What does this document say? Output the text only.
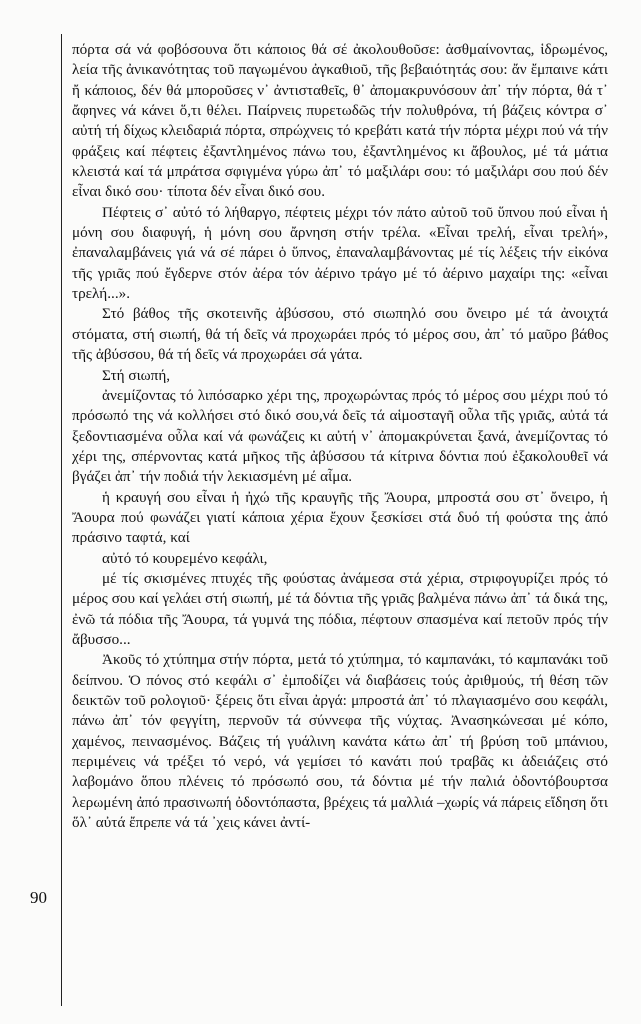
90

πόρτα σά νά φοβόσουνα ὅτι κάποιος θά σέ ἀκολουθοῦσε: ἀσθμαίνοντας, ἱδρωμένος, λεία τῆς ἀνικανότητας τοῦ παγωμένου ἀγκαθιοῦ, τῆς βεβαιότητάς σου: ἄν ἔμπαινε κάτι ἤ κάποιος, δέν θά μποροῦσες ν᾽ ἀντισταθεῖς, θ᾽ ἀπομακρυνόσουν ἀπ᾽ τήν πόρτα, θά τ᾽ ἄφηνες νά κάνει ὅ,τι θέλει. Παίρνεις πυρετωδῶς τήν πολυθρόνα, τή βάζεις κόντρα σ᾽ αὐτή τή δίχως κλειδαριά πόρτα, σπρώχνεις τό κρεβάτι κατά τήν πόρτα μέχρι πού νά τήν φράξεις καί πέφτεις ἐξαντλημένος πάνω του, ἐξαντλημένος κι ἄβουλος, μέ τά μάτια κλειστά καί τά μπράτσα σφιγμένα γύρω ἀπ᾽ τό μαξιλάρι σου: τό μαξιλάρι σου πού δέν εἶναι δικό σου· τίποτα δέν εἶναι δικό σου.

Πέφτεις σ᾽ αὐτό τό λήθαργο, πέφτεις μέχρι τόν πάτο αὐτοῦ τοῦ ὕπνου πού εἶναι ἡ μόνη σου διαφυγή, ἡ μόνη σου ἄρνηση στήν τρέλα. «Εἶναι τρελή, εἶναι τρελή», ἐπαναλαμβάνεις γιά νά σέ πάρει ὁ ὕπνος, ἐπαναλαμβάνοντας μέ τίς λέξεις τήν εἰκόνα τῆς γριᾶς πού ἔγδερνε στόν ἀέρα τόν ἀέρινο τράγο μέ τό ἀέρινο μαχαίρι της: «εἶναι τρελή...».

Στό βάθος τῆς σκοτεινῆς ἀβύσσου, στό σιωπηλό σου ὄνειρο μέ τά ἀνοιχτά στόματα, στή σιωπή, θά τή δεῖς νά προχωράει πρός τό μέρος σου, ἀπ᾽ τό μαῦρο βάθος τῆς ἀβύσσου, θά τή δεῖς νά προχωράει σά γάτα.

Στή σιωπή,

ἀνεμίζοντας τό λιπόσαρκο χέρι της, προχωρώντας πρός τό μέρος σου μέχρι πού τό πρόσωπό της νά κολλήσει στό δικό σου,νά δεῖς τά αἱμοσταγῆ οὖλα τῆς γριᾶς, αὐτά τά ξεδοντιασμένα οὖλα καί νά φωνάζεις κι αὐτή ν᾽ ἀπομακρύνεται ξανά, ἀνεμίζοντας τό χέρι της, σπέρνοντας κατά μῆκος τῆς ἀβύσσου τά κίτρινα δόντια πού ἐξακολουθεῖ νά βγάζει ἀπ᾽ τήν ποδιά τήν λεκιασμένη μέ αἷμα.

ἡ κραυγή σου εἶναι ἡ ἠχώ τῆς κραυγῆς τῆς Ἄουρα, μπροστά σου στ᾽ ὄνειρο, ἡ Ἄουρα πού φωνάζει γιατί κάποια χέρια ἔχουν ξεσκίσει στά δυό τή φούστα της ἀπό πράσινο ταφτά, καί

αὐτό τό κουρεμένο κεφάλι,

μέ τίς σκισμένες πτυχές τῆς φούστας ἀνάμεσα στά χέρια, στριφογυρίζει πρός τό μέρος σου καί γελάει στή σιωπή, μέ τά δόντια τῆς γριᾶς βαλμένα πάνω ἀπ᾽ τά δικά της, ἐνῶ τά πόδια τῆς Ἄουρα, τά γυμνά της πόδια, πέφτουν σπασμένα καί πετοῦν πρός τήν ἄβυσσο...

Ἀκοῦς τό χτύπημα στήν πόρτα, μετά τό χτύπημα, τό καμπανάκι, τό καμπανάκι τοῦ δείπνου. Ὁ πόνος στό κεφάλι σ᾽ ἐμποδίζει νά διαβάσεις τούς ἀριθμούς, τή θέση τῶν δεικτῶν τοῦ ρολογιοῦ· ξέρεις ὅτι εἶναι ἀργά: μπροστά ἀπ᾽ τό πλαγιασμένο σου κεφάλι, πάνω ἀπ᾽ τόν φεγγίτη, περνοῦν τά σύννεφα τῆς νύχτας. Ἀνασηκώνεσαι μέ κόπο, χαμένος, πεινασμένος. Βάζεις τή γυάλινη κανάτα κάτω ἀπ᾽ τή βρύση τοῦ μπάνιου, περιμένεις νά τρέξει τό νερό, νά γεμίσει τό κανάτι πού τραβᾶς κι ἀδειάζεις στό λαβομάνο ὅπου πλένεις τό πρόσωπό σου, τά δόντια μέ τήν παλιά ὀδοντόβουρτσα λερωμένη ἀπό πρασινωπή ὀδοντόπαστα, βρέχεις τά μαλλιά –χωρίς νά πάρεις εἴδηση ὅτι ὅλ᾽ αὐτά ἔπρεπε νά τά ᾽χεις κάνει ἀντί-
